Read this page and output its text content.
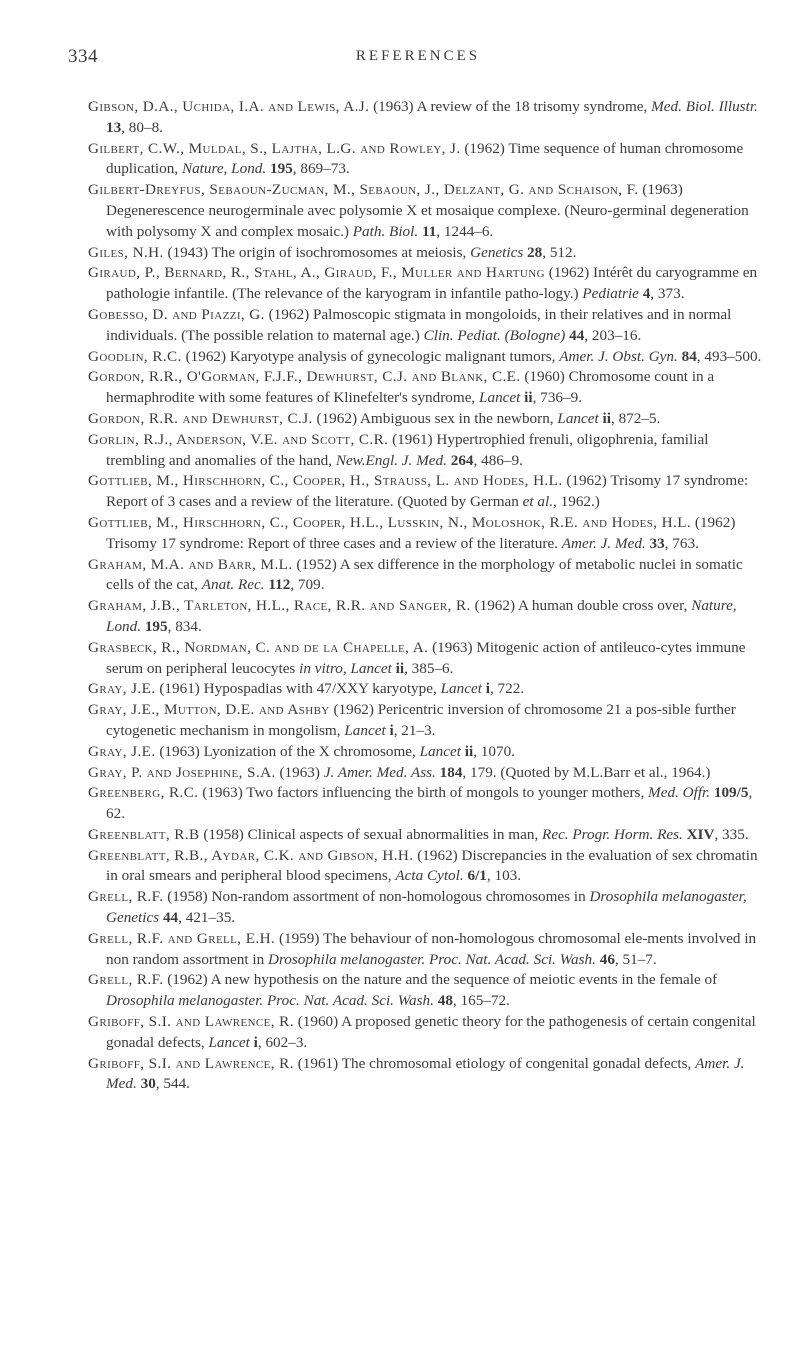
334	REFERENCES

Gibson, D.A., Uchida, I.A. and Lewis, A.J. (1963) A review of the 18 trisomy syndrome, Med. Biol. Illustr. 13, 80–8.

Gilbert, C.W., Muldal, S., Lajtha, L.G. and Rowley, J. (1962) Time sequence of human chromosome duplication, Nature, Lond. 195, 869–73.

Gilbert-Dreyfus, Sebaoun-Zucman, M., Sebaoun, J., Delzant, G. and Schaison, F. (1963) Degenerescence neurogerminale avec polysomie X et mosaique complexe. (Neuro-germinal degeneration with polysomy X and complex mosaic.) Path. Biol. 11, 1244–6.

Giles, N.H. (1943) The origin of isochromosomes at meiosis, Genetics 28, 512.

Giraud, P., Bernard, R., Stahl, A., Giraud, F., Muller and Hartung (1962) Intérêt du caryogramme en pathologie infantile. (The relevance of the karyogram in infantile patho-logy.) Pediatrie 4, 373.

Gobesso, D. and Piazzi, G. (1962) Palmoscopic stigmata in mongoloids, in their relatives and in normal individuals. (The possible relation to maternal age.) Clin. Pediat. (Bologne) 44, 203–16.

Goodlin, R.C. (1962) Karyotype analysis of gynecologic malignant tumors, Amer. J. Obst. Gyn. 84, 493–500.

Gordon, R.R., O'Gorman, F.J.F., Dewhurst, C.J. and Blank, C.E. (1960) Chromosome count in a hermaphrodite with some features of Klinefelter's syndrome, Lancet ii, 736–9.

Gordon, R.R. and Dewhurst, C.J. (1962) Ambiguous sex in the newborn, Lancet ii, 872–5.

Gorlin, R.J., Anderson, V.E. and Scott, C.R. (1961) Hypertrophied frenuli, oligophrenia, familial trembling and anomalies of the hand, New.Engl. J. Med. 264, 486–9.

Gottlieb, M., Hirschhorn, C., Cooper, H., Strauss, L. and Hodes, H.L. (1962) Trisomy 17 syndrome: Report of 3 cases and a review of the literature. (Quoted by German et al., 1962.)

Gottlieb, M., Hirschhorn, C., Cooper, H.L., Lusskin, N., Moloshok, R.E. and Hodes, H.L. (1962) Trisomy 17 syndrome: Report of three cases and a review of the literature. Amer. J. Med. 33, 763.

Graham, M.A. and Barr, M.L. (1952) A sex difference in the morphology of metabolic nuclei in somatic cells of the cat, Anat. Rec. 112, 709.

Graham, J.B., Tarleton, H.L., Race, R.R. and Sanger, R. (1962) A human double cross over, Nature, Lond. 195, 834.

Grasbeck, R., Nordman, C. and de la Chapelle, A. (1963) Mitogenic action of antileuco-cytes immune serum on peripheral leucocytes in vitro, Lancet ii, 385–6.

Gray, J.E. (1961) Hypospadias with 47/XXY karyotype, Lancet i, 722.

Gray, J.E., Mutton, D.E. and Ashby (1962) Pericentric inversion of chromosome 21 a pos-sible further cytogenetic mechanism in mongolism, Lancet i, 21–3.

Gray, J.E. (1963) Lyonization of the X chromosome, Lancet ii, 1070.

Gray, P. and Josephine, S.A. (1963) J. Amer. Med. Ass. 184, 179. (Quoted by M.L.Barr et al., 1964.)

Greenberg, R.C. (1963) Two factors influencing the birth of mongols to younger mothers, Med. Offr. 109/5, 62.

Greenblatt, R.B (1958) Clinical aspects of sexual abnormalities in man, Rec. Progr. Horm. Res. XIV, 335.

Greenblatt, R.B., Aydar, C.K. and Gibson, H.H. (1962) Discrepancies in the evaluation of sex chromatin in oral smears and peripheral blood specimens, Acta Cytol. 6/1, 103.

Grell, R.F. (1958) Non-random assortment of non-homologous chromosomes in Drosophila melanogaster, Genetics 44, 421–35.

Grell, R.F. and Grell, E.H. (1959) The behaviour of non-homologous chromosomal ele-ments involved in non random assortment in Drosophila melanogaster. Proc. Nat. Acad. Sci. Wash. 46, 51–7.

Grell, R.F. (1962) A new hypothesis on the nature and the sequence of meiotic events in the female of Drosophila melanogaster. Proc. Nat. Acad. Sci. Wash. 48, 165–72.

Griboff, S.I. and Lawrence, R. (1960) A proposed genetic theory for the pathogenesis of certain congenital gonadal defects, Lancet i, 602–3.

Griboff, S.I. and Lawrence, R. (1961) The chromosomal etiology of congenital gonadal defects, Amer. J. Med. 30, 544.
